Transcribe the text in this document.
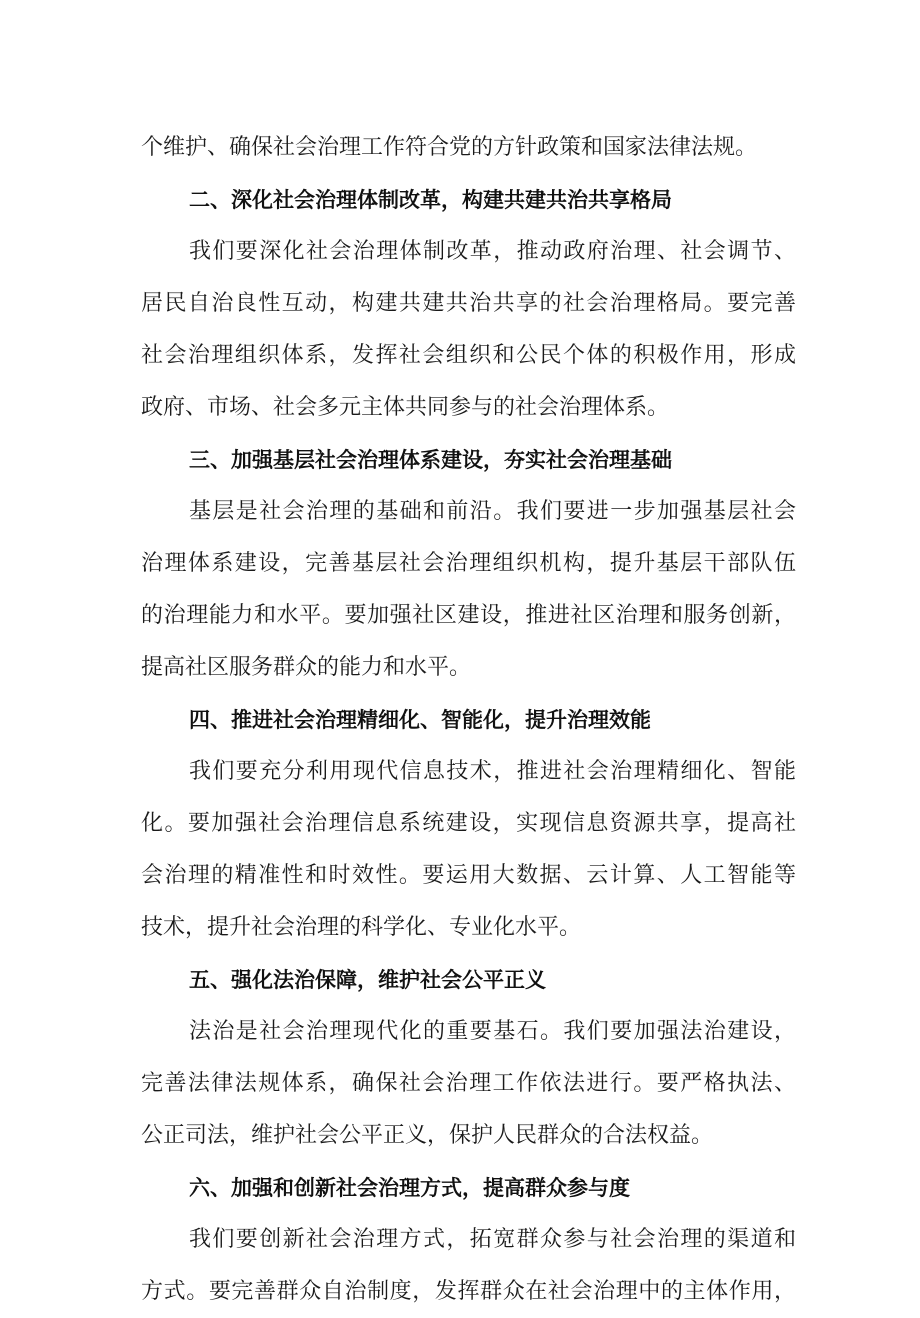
个维护、确保社会治理工作符合党的方针政策和国家法律法规。
二、深化社会治理体制改革，构建共建共治共享格局
我们要深化社会治理体制改革，推动政府治理、社会调节、
居民自治良性互动，构建共建共治共享的社会治理格局。要完善
社会治理组织体系，发挥社会组织和公民个体的积极作用，形成
政府、市场、社会多元主体共同参与的社会治理体系。
三、加强基层社会治理体系建设，夯实社会治理基础
基层是社会治理的基础和前沿。我们要进一步加强基层社会
治理体系建设，完善基层社会治理组织机构，提升基层干部队伍
的治理能力和水平。要加强社区建设，推进社区治理和服务创新，
提高社区服务群众的能力和水平。
四、推进社会治理精细化、智能化，提升治理效能
我们要充分利用现代信息技术，推进社会治理精细化、智能
化。要加强社会治理信息系统建设，实现信息资源共享，提高社
会治理的精准性和时效性。要运用大数据、云计算、人工智能等
技术，提升社会治理的科学化、专业化水平。
五、强化法治保障，维护社会公平正义
法治是社会治理现代化的重要基石。我们要加强法治建设，
完善法律法规体系，确保社会治理工作依法进行。要严格执法、
公正司法，维护社会公平正义，保护人民群众的合法权益。
六、加强和创新社会治理方式，提高群众参与度
我们要创新社会治理方式，拓宽群众参与社会治理的渠道和
方式。要完善群众自治制度，发挥群众在社会治理中的主体作用，
